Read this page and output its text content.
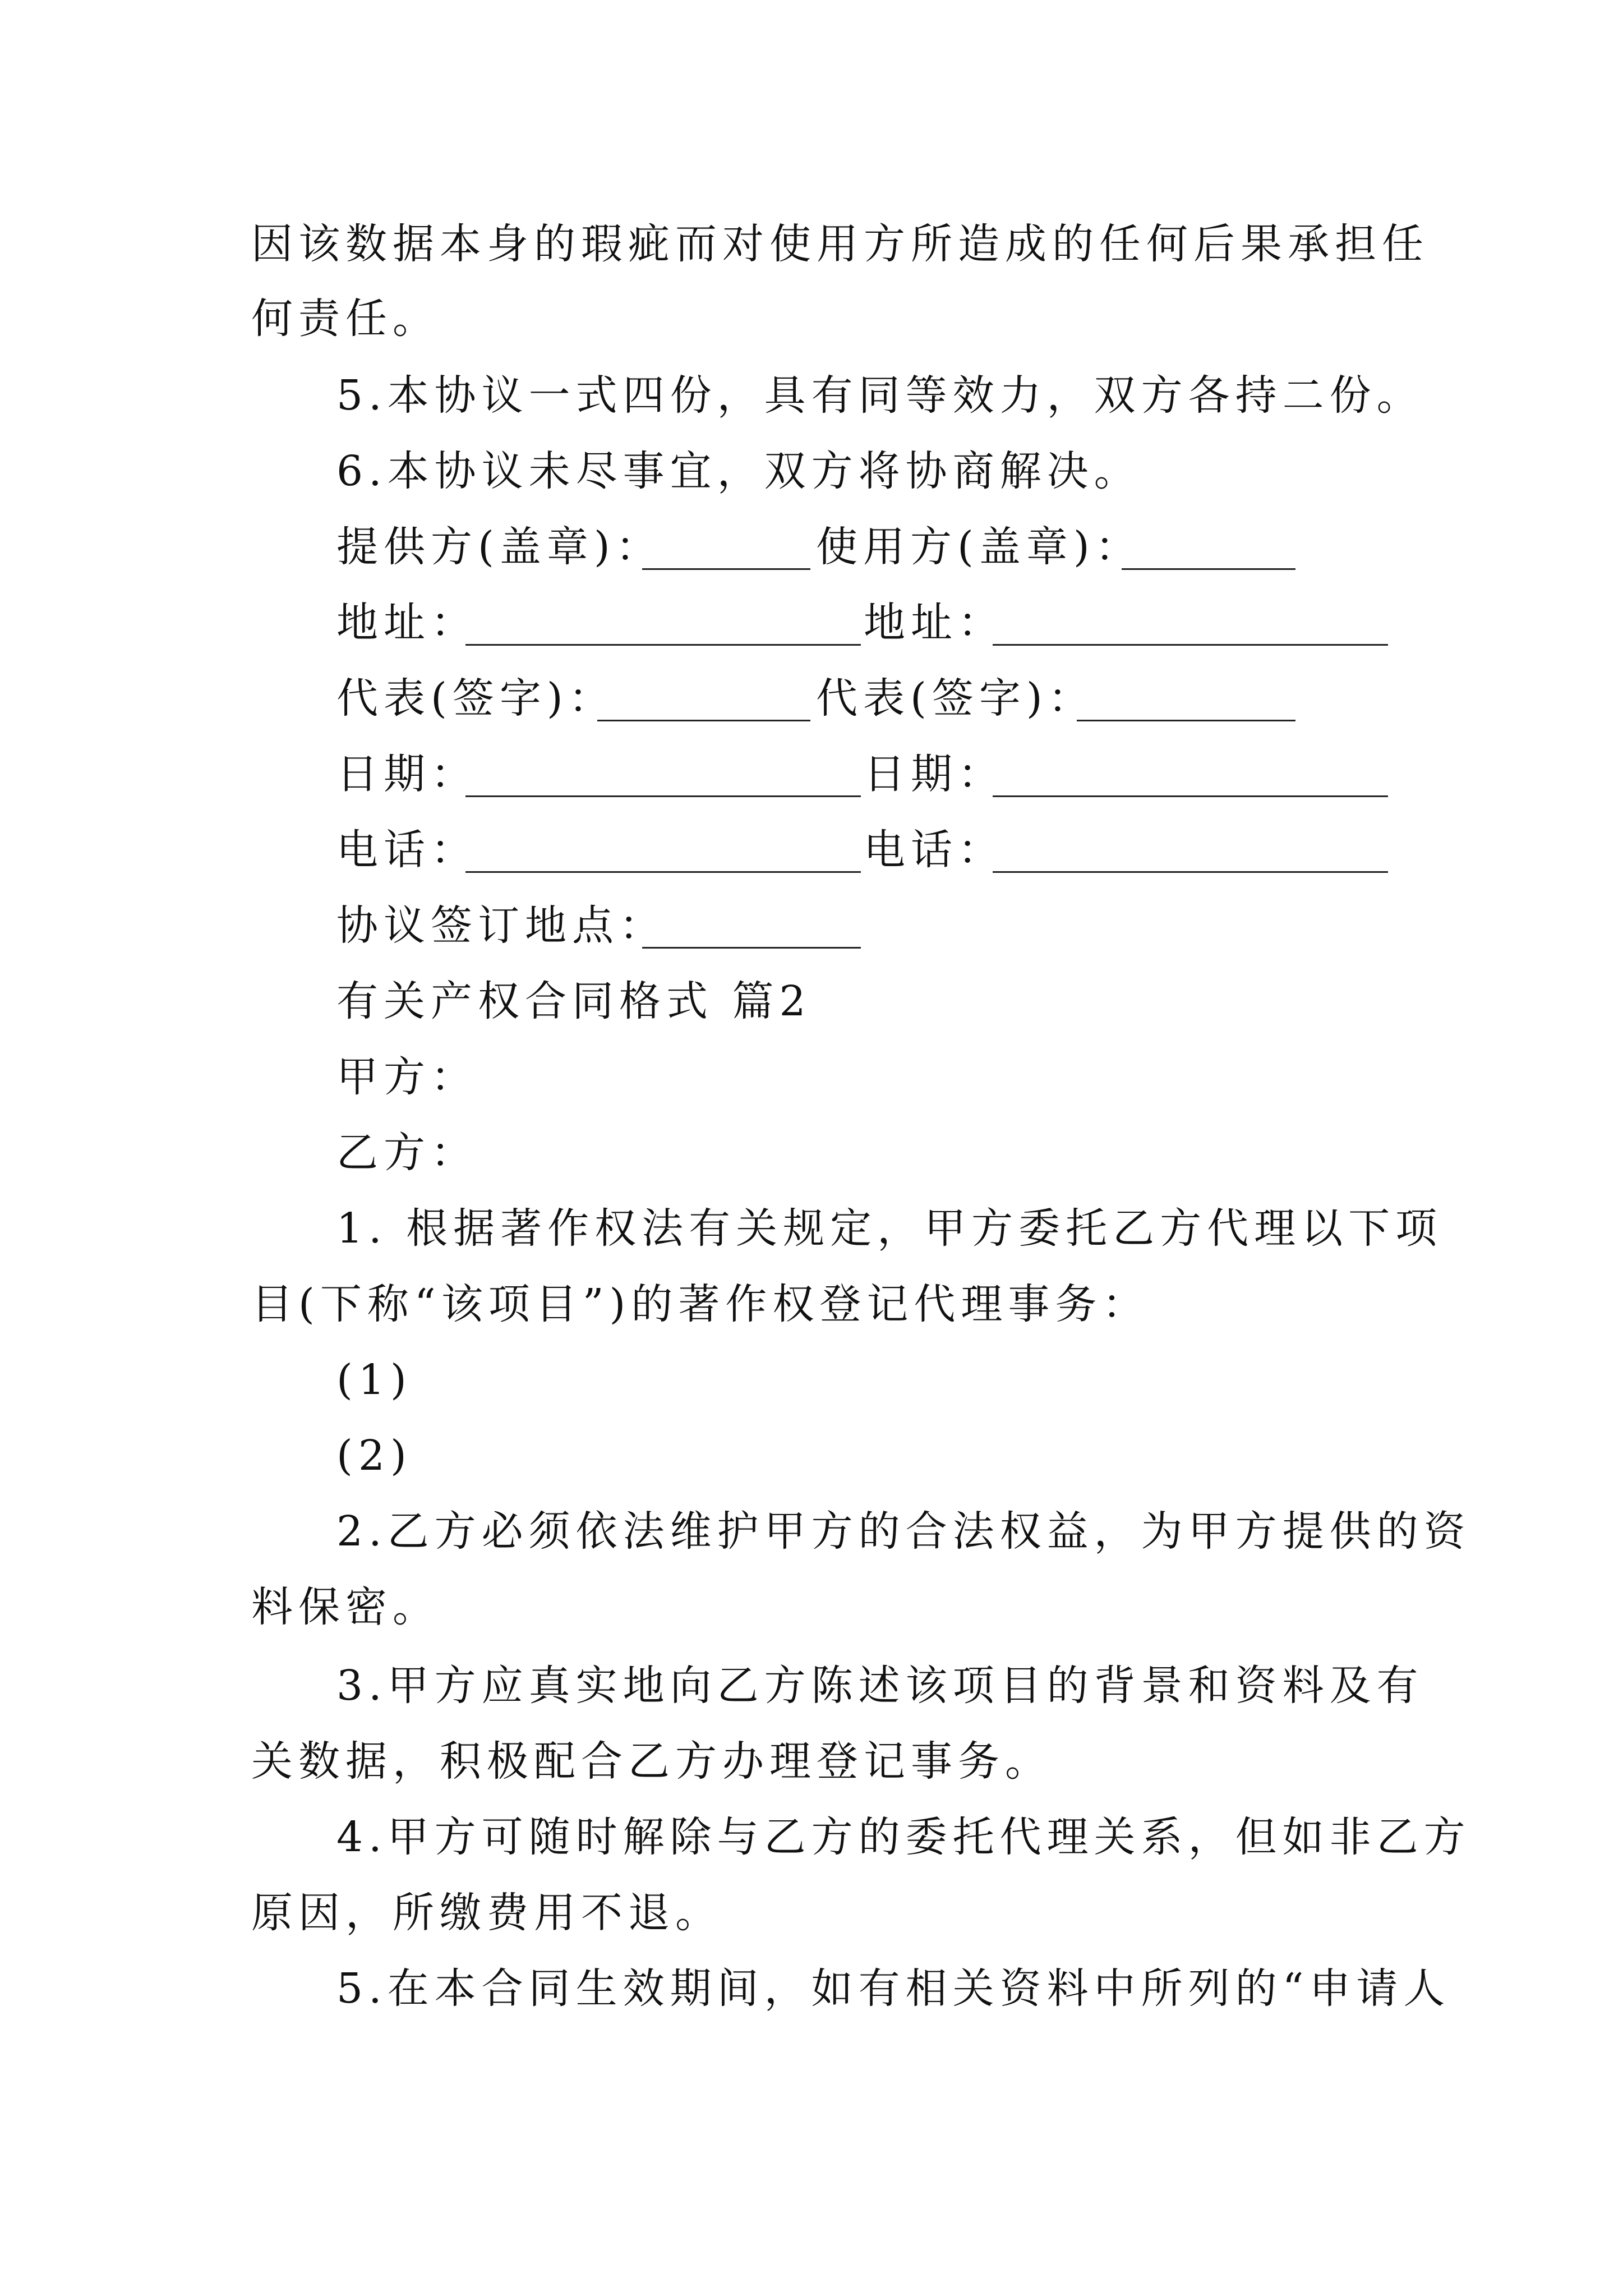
因该数据本身的瑕疵而对使用方所造成的任何后果承担任
何责任。
5.本协议一式四份，具有同等效力，双方各持二份。
6.本协议未尽事宜，双方将协商解决。
提供方(盖章)：	使用方(盖章)：
地址：	地址：
代表(签字)：	代表(签字)：
日期：	日期：
电话：	电话：
协议签订地点：
有关产权合同格式 篇2
甲方：
乙方：
1. 根据著作权法有关规定，甲方委托乙方代理以下项
目(下称“该项目”)的著作权登记代理事务：
(1)
(2)
2.乙方必须依法维护甲方的合法权益，为甲方提供的资
料保密。
3.甲方应真实地向乙方陈述该项目的背景和资料及有
关数据，积极配合乙方办理登记事务。
4.甲方可随时解除与乙方的委托代理关系，但如非乙方
原因，所缴费用不退。
5.在本合同生效期间，如有相关资料中所列的“申请人
